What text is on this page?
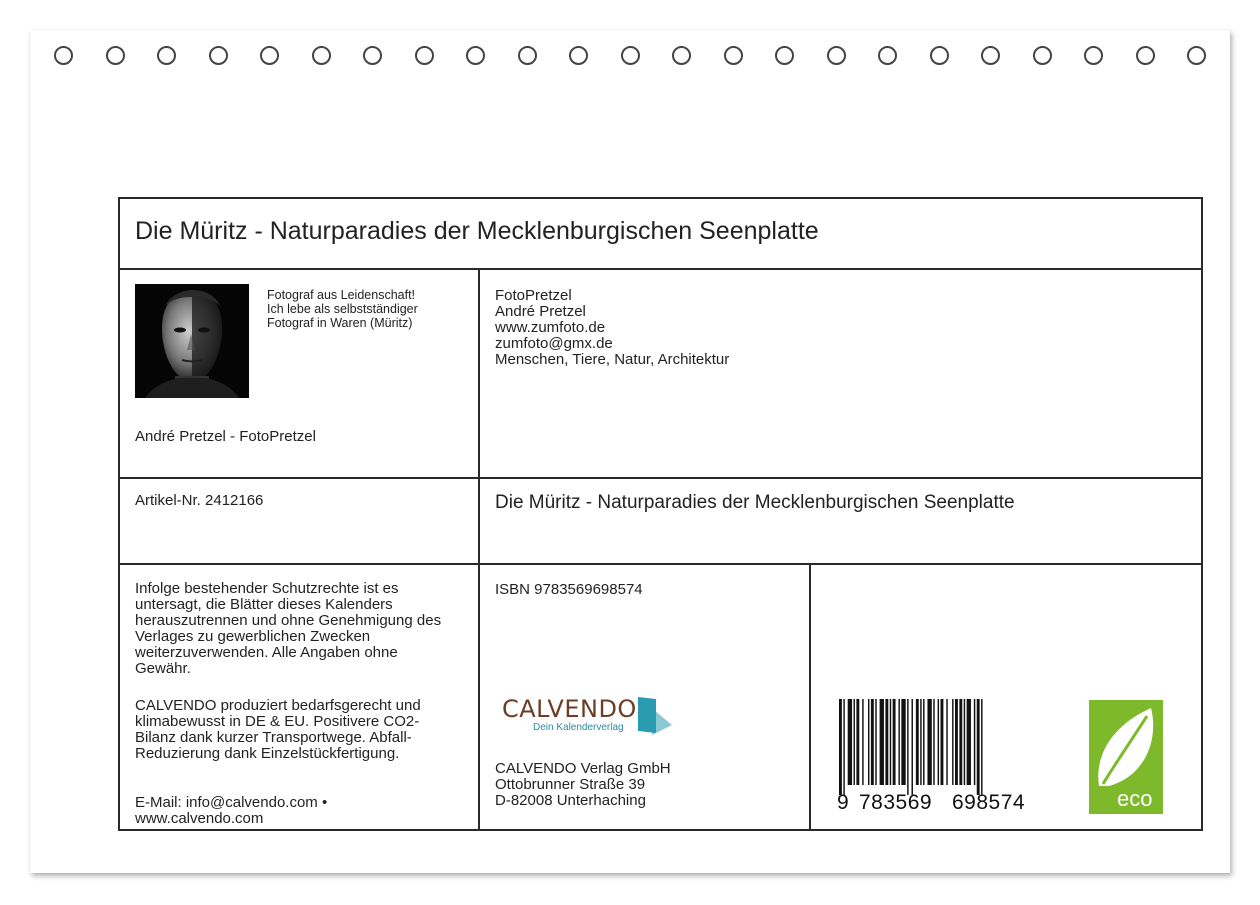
Die Müritz - Naturparadies der Mecklenburgischen Seenplatte
Fotograf aus Leidenschaft!
Ich lebe als selbstständiger
Fotograf in Waren (Müritz)
André Pretzel - FotoPretzel
FotoPretzel
André Pretzel
www.zumfoto.de
zumfoto@gmx.de
Menschen, Tiere, Natur, Architektur
Artikel-Nr. 2412166	Die Müritz - Naturparadies der Mecklenburgischen Seenplatte
Infolge bestehender Schutzrechte ist es
untersagt, die Blätter dieses Kalenders
herauszutrennen und ohne Genehmigung des
Verlages zu gewerblichen Zwecken
weiterzuverwenden. Alle Angaben ohne
Gewähr.
CALVENDO produziert bedarfsgerecht und
klimabewusst in DE & EU. Positivere CO2-
Bilanz dank kurzer Transportwege. Abfall-
Reduzierung dank Einzelstückfertigung.
E-Mail: info@calvendo.com •
www.calvendo.com
ISBN 9783569698574
CALVENDO
Dein Kalenderverlag
CALVENDO Verlag GmbH
Ottobrunner Straße 39
D-82008 Unterhaching	9 783569 698574	eco
